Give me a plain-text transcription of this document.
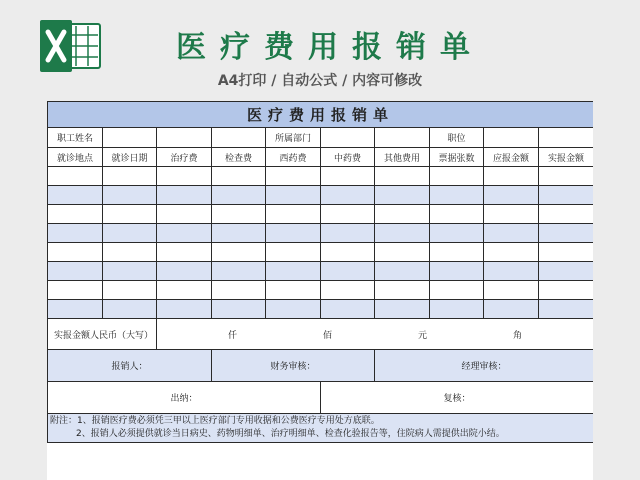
医疗费用报销单
A4打印 / 自动公式 / 内容可修改
医疗费用报销单									
职工姓名				所属部门			职位		
就诊地点	就诊日期	治疗费	检查费	西药费	中药费	其他费用	票据张数	应报金额	实报金额

实报金额人民币（大写）		仟 佰 元 角							

报销人：			财务审核：			经理审核：			
出纳：					复核：				

附注：1、报销医疗费必须凭三甲以上医疗部门专用收据和公费医疗专用处方底联。
2、报销人必须提供就诊当日病史、药物明细单、治疗明细单、检查化验报告等，住院病人需提供出院小结。									
